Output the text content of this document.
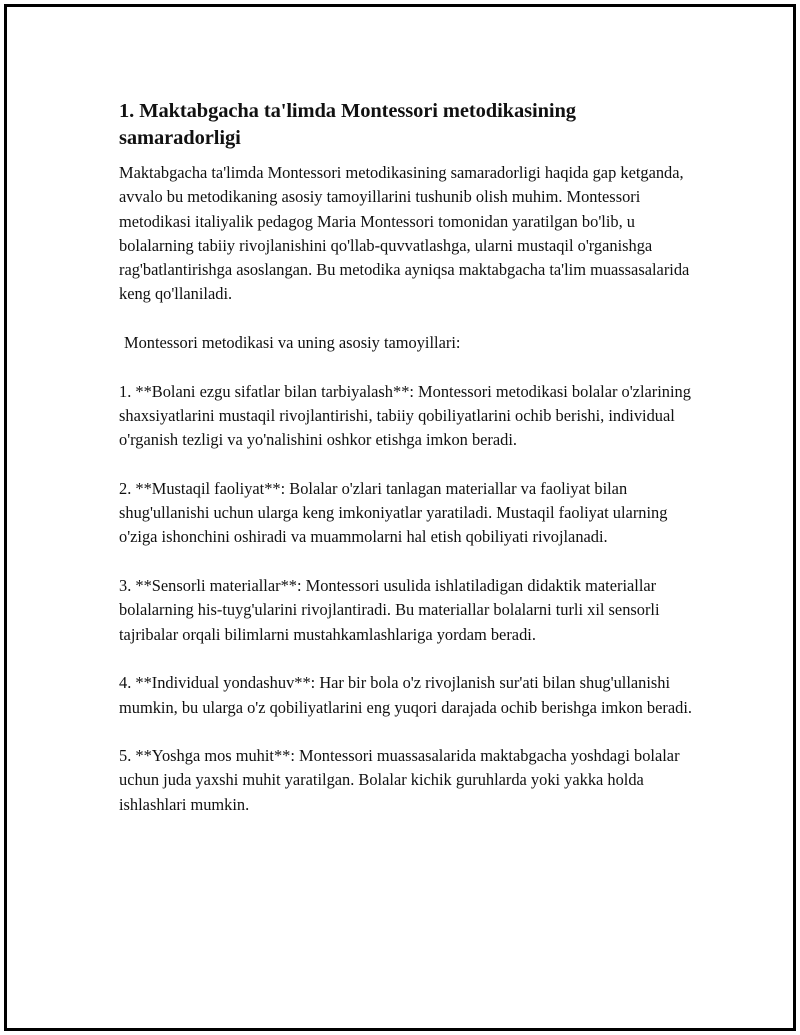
1. Maktabgacha ta'limda Montessori metodikasining samaradorligi

Maktabgacha ta'limda Montessori metodikasining samaradorligi haqida gap ketganda, avvalo bu metodikaning asosiy tamoyillarini tushunib olish muhim. Montessori metodikasi italiyalik pedagog Maria Montessori tomonidan yaratilgan bo'lib, u bolalarning tabiiy rivojlanishini qo'llab-quvvatlashga, ularni mustaqil o'rganishga rag'batlantirishga asoslangan. Bu metodika ayniqsa maktabgacha ta'lim muassasalarida keng qo'llaniladi.

Montessori metodikasi va uning asosiy tamoyillari:

1. **Bolani ezgu sifatlar bilan tarbiyalash**: Montessori metodikasi bolalar o'zlarining shaxsiyatlarini mustaqil rivojlantirishi, tabiiy qobiliyatlarini ochib berishi, individual o'rganish tezligi va yo'nalishini oshkor etishga imkon beradi.

2. **Mustaqil faoliyat**: Bolalar o'zlari tanlagan materiallar va faoliyat bilan shug'ullanishi uchun ularga keng imkoniyatlar yaratiladi. Mustaqil faoliyat ularning o'ziga ishonchini oshiradi va muammolarni hal etish qobiliyati rivojlanadi.

3. **Sensorli materiallar**: Montessori usulida ishlatiladigan didaktik materiallar bolalarning his-tuyg'ularini rivojlantiradi. Bu materiallar bolalarni turli xil sensorli tajribalar orqali bilimlarni mustahkamlashlariga yordam beradi.

4. **Individual yondashuv**: Har bir bola o'z rivojlanish sur'ati bilan shug'ullanishi mumkin, bu ularga o'z qobiliyatlarini eng yuqori darajada ochib berishga imkon beradi.

5. **Yoshga mos muhit**: Montessori muassasalarida maktabgacha yoshdagi bolalar uchun juda yaxshi muhit yaratilgan. Bolalar kichik guruhlarda yoki yakka holda ishlashlari mumkin.
